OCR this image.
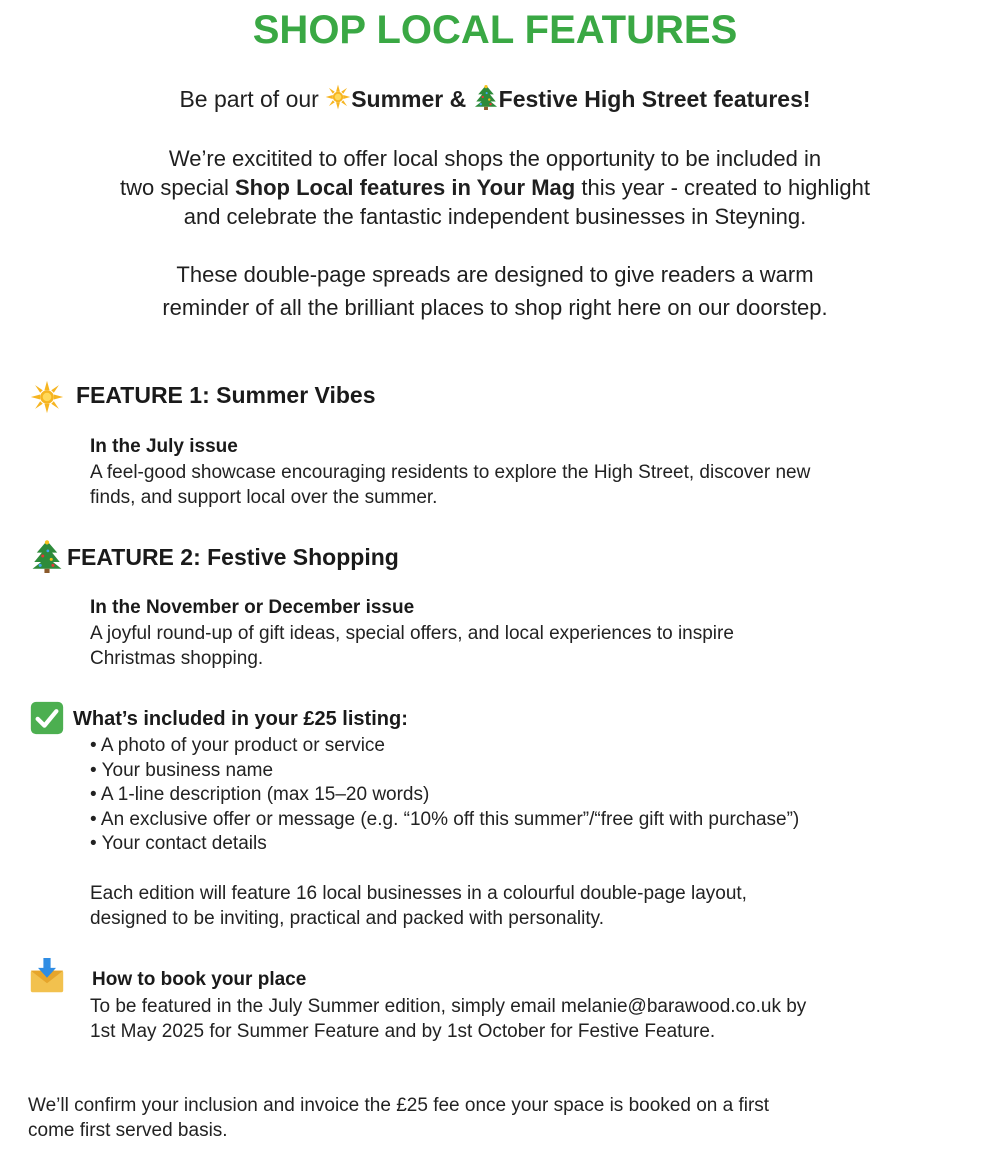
SHOP LOCAL FEATURES
Be part of our Summer & Festive High Street features!
We’re excitited to offer local shops the opportunity to be included in
two special Shop Local features in Your Mag this year - created to highlight
and celebrate the fantastic independent businesses in Steyning.
These double-page spreads are designed to give readers a warm
reminder of all the brilliant places to shop right here on our doorstep.
FEATURE 1: Summer Vibes
In the July issue
A feel-good showcase encouraging residents to explore the High Street, discover new
finds, and support local over the summer.
FEATURE 2: Festive Shopping
In the November or December issue
A joyful round-up of gift ideas, special offers, and local experiences to inspire
Christmas shopping.
What’s included in your £25 listing:
• A photo of your product or service
• Your business name
• A 1-line description (max 15–20 words)
• An exclusive offer or message (e.g. “10% off this summer”/“free gift with purchase”)
• Your contact details
Each edition will feature 16 local businesses in a colourful double-page layout,
designed to be inviting, practical and packed with personality.
How to book your place
To be featured in the July Summer edition, simply email melanie@barawood.co.uk by
1st May 2025 for Summer Feature and by 1st October for Festive Feature.
We’ll confirm your inclusion and invoice the £25 fee once your space is booked on a first
come first served basis.
